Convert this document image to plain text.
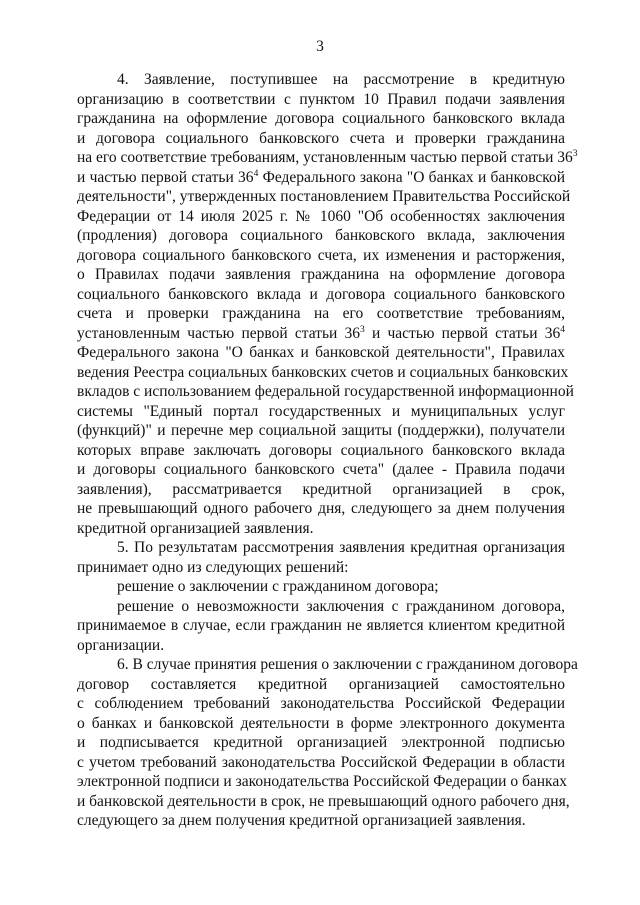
3
4. Заявление, поступившее на рассмотрение в кредитную
организацию в соответствии с пунктом 10 Правил подачи заявления
гражданина на оформление договора социального банковского вклада
и договора социального банковского счета и проверки гражданина
на его соответствие требованиям, установленным частью первой статьи $36^3$
и частью первой статьи $36^4$ Федерального закона "О банках и банковской
деятельности", утвержденных постановлением Правительства Российской
Федерации от 14 июля 2025 г. № 1060 "Об особенностях заключения
(продления) договора социального банковского вклада, заключения
договора социального банковского счета, их изменения и расторжения,
о Правилах подачи заявления гражданина на оформление договора
социального банковского вклада и договора социального банковского
счета и проверки гражданина на его соответствие требованиям,
установленным частью первой статьи $36^3$ и частью первой статьи $36^4$
Федерального закона "О банках и банковской деятельности", Правилах
ведения Реестра социальных банковских счетов и социальных банковских
вкладов с использованием федеральной государственной информационной
системы "Единый портал государственных и муниципальных услуг
(функций)" и перечне мер социальной защиты (поддержки), получатели
которых вправе заключать договоры социального банковского вклада
и договоры социального банковского счета" (далее - Правила подачи
заявления), рассматривается кредитной организацией в срок,
не превышающий одного рабочего дня, следующего за днем получения
кредитной организацией заявления.
5. По результатам рассмотрения заявления кредитная организация
принимает одно из следующих решений:
решение о заключении с гражданином договора;
решение о невозможности заключения с гражданином договора,
принимаемое в случае, если гражданин не является клиентом кредитной
организации.
6. В случае принятия решения о заключении с гражданином договора
договор составляется кредитной организацией самостоятельно
с соблюдением требований законодательства Российской Федерации
о банках и банковской деятельности в форме электронного документа
и подписывается кредитной организацией электронной подписью
с учетом требований законодательства Российской Федерации в области
электронной подписи и законодательства Российской Федерации о банках
и банковской деятельности в срок, не превышающий одного рабочего дня,
следующего за днем получения кредитной организацией заявления.
